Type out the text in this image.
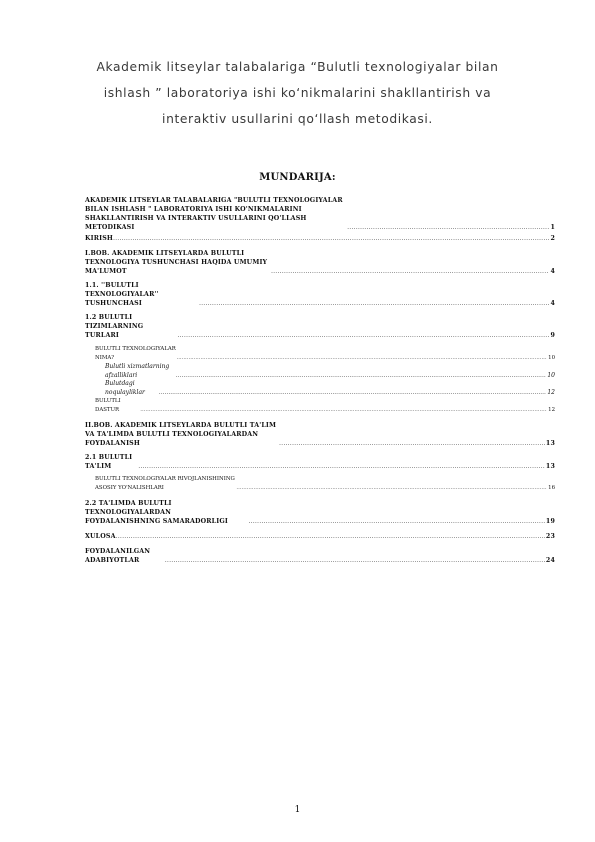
Akademik litseylar talabalariga “Bulutli texnologiyalar bilan ishlash ” laboratoriya ishi ko‘nikmalarini shakllantirish va interaktiv usullarini qo‘llash metodikasi.
MUNDARIJA:
AKADEMIK LITSEYLAR TALABALARIGA "BULUTLI TEXNOLOGIYALAR BILAN ISHLASH " LABORATORIYA ISHI KO'NIKMALARINI SHAKLLANTIRISH VA INTERAKTIV USULLARINI QO'LLASH METODIKASI .....	1
KIRISH .....	2
I.BOB. AKADEMIK LITSEYLARDA BULUTLI TEXNOLOGIYA TUSHUNCHASI HAQIDA UMUMIY MA'LUMOT .....	4
1.1. ''BULUTLI TEXNOLOGIYALAR'' TUSHUNCHASI .....	4
1.2 BULUTLI TIZIMLARNING TURLARI .....	9
BULUTLI TEXNOLOGIYALAR NIMA? .....	10
Bulutli xizmatlarning afzalliklari .....	10
Bulutdagi noqulayliklar .....	12
BULUTLI DASTUR .....	12
II.BOB. AKADEMIK LITSEYLARDA BULUTLI TA'LIM VA TA'LIMDA BULUTLI TEXNOLOGIYALARDAN FOYDALANISH .....	13
2.1 BULUTLI TA'LIM .....	13
BULUTLI TEXNOLOGIYALAR RIVOJLANISHINING ASOSIY YO'NALISHLARI .....	16
2.2 TA'LIMDA BULUTLI TEXNOLOGIYALARDAN FOYDALANISHNING SAMARADORLIGI .....	19
XULOSA .....	23
FOYDALANILGAN ADABIYOTLAR .....	24
1
